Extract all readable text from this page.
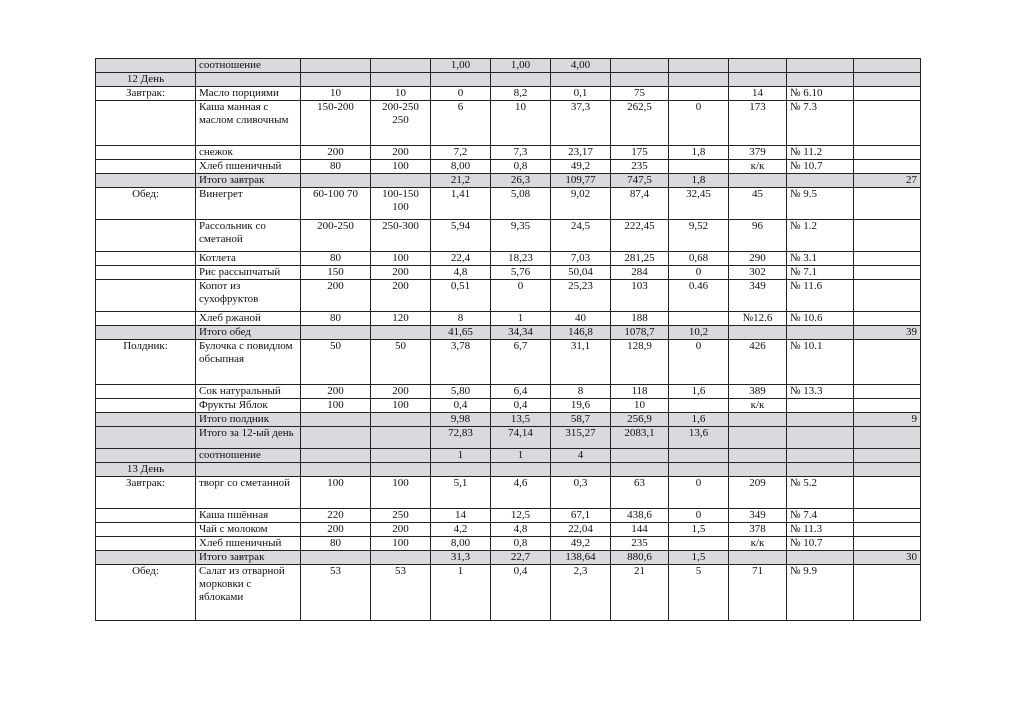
	соотношение			1,00	1,00	4,00					
12 День											
Завтрак:	Масло порциями	10	10	0	8,2	0,1	75		14	№ 6.10	
	Каша манная с маслом сливочным	150-200	200-250 250	6	10	37,3	262,5	0	173	№ 7.3	
	снежок	200	200	7,2	7,3	23,17	175	1,8	379	№ 11.2	
	Хлеб пшеничный	80	100	8,00	0,8	49,2	235		к/к	№ 10.7	
	Итого завтрак			21,2	26,3	109,77	747,5	1,8			27
Обед:	Винегрет	60-100 70	100-150 100	1,41	5,08	9,02	87,4	32,45	45	№ 9.5	
	Рассольник со сметаной	200-250	250-300	5,94	9,35	24,5	222,45	9,52	96	№ 1.2	
	Котлета	80	100	22,4	18,23	7,03	281,25	0,68	290	№ 3.1	
	Рис рассыпчатый	150	200	4,8	5,76	50,04	284	0	302	№ 7.1	
	Копот из сухофруктов	200	200	0,51	0	25,23	103	0.46	349	№ 11.6	
	Хлеб ржаной	80	120	8	1	40	188		№12.6	№ 10.6	
	Итого обед			41,65	34,34	146,8	1078,7	10,2			39
Полдник:	Булочка с повидлом обсыпная	50	50	3,78	6,7	31,1	128,9	0	426	№ 10.1	
	Сок натуральный	200	200	5,80	6,4	8	118	1,6	389	№ 13.3	
	Фрукты Яблок	100	100	0,4	0,4	19,6	10		к/к		
	Итого полдник			9,98	13,5	58,7	256,9	1,6			9
	Итого за 12-ый день			72,83	74,14	315,27	2083,1	13,6			
	соотношение			1	1	4					
13 День											
Завтрак:	творг со сметанной	100	100	5,1	4,6	0,3	63	0	209	№ 5.2	
	Каша пшённая	220	250	14	12,5	67,1	438,6	0	349	№ 7.4	
	Чай с молоком	200	200	4,2	4,8	22,04	144	1,5	378	№ 11.3	
	Хлеб пшеничный	80	100	8,00	0,8	49,2	235		к/к	№ 10.7	
	Итого завтрак			31,3	22,7	138,64	880,6	1,5			30
Обед:	Салат из отварной морковки с яблоками	53	53	1	0,4	2,3	21	5	71	№ 9.9	
